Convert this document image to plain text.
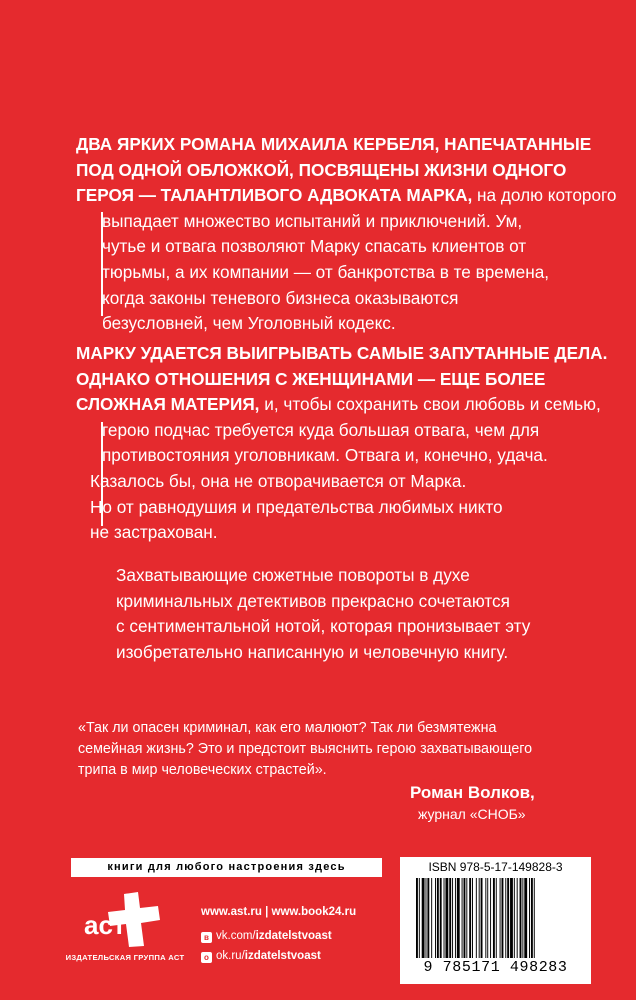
ДВА ЯРКИХ РОМАНА МИХАИЛА КЕРБЕЛЯ, НАПЕЧАТАННЫЕ
ПОД ОДНОЙ ОБЛОЖКОЙ, ПОСВЯЩЕНЫ ЖИЗНИ ОДНОГО
ГЕРОЯ — ТАЛАНТЛИВОГО АДВОКАТА МАРКА, на долю которого
выпадает множество испытаний и приключений. Ум,
чутье и отвага позволяют Марку спасать клиентов от
тюрьмы, а их компании — от банкротства в те времена,
когда законы теневого бизнеса оказываются
безусловней, чем Уголовный кодекс.
МАРКУ УДАЕТСЯ ВЫИГРЫВАТЬ САМЫЕ ЗАПУТАННЫЕ ДЕЛА.
ОДНАКО ОТНОШЕНИЯ С ЖЕНЩИНАМИ — ЕЩЕ БОЛЕЕ
СЛОЖНАЯ МАТЕРИЯ, и, чтобы сохранить свои любовь и семью,
герою подчас требуется куда большая отвага, чем для
противостояния уголовникам. Отвага и, конечно, удача.
Казалось бы, она не отворачивается от Марка.
Но от равнодушия и предательства любимых никто
не застрахован.
Захватывающие сюжетные повороты в духе
криминальных детективов прекрасно сочетаются
с сентиментальной нотой, которая пронизывает эту
изобретательно написанную и человечную книгу.
«Так ли опасен криминал, как его малюют? Так ли безмятежна
семейная жизнь? Это и предстоит выяснить герою захватывающего
трипа в мир человеческих страстей».
Роман Волков,
журнал «СНОБ»
книги для любого настроения здесь
аст
ИЗДАТЕЛЬСКАЯ ГРУППА АСТ
www.ast.ru | www.book24.ru
в vk.com/izdatelstvoast
о ok.ru/izdatelstvoast
ISBN 978-5-17-149828-3
9 785171 498283
